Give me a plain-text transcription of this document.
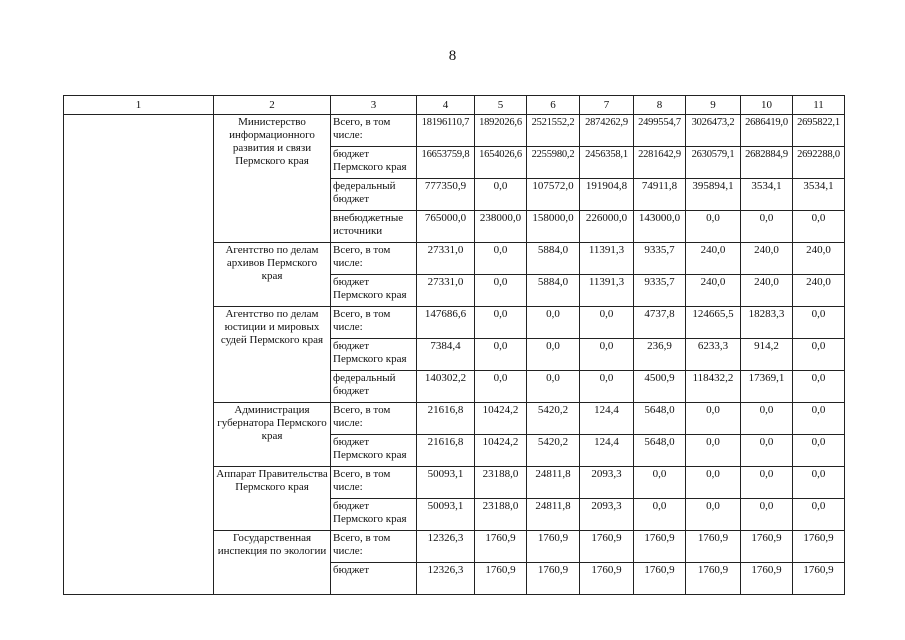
8
1	2	3	4	5	6	7	8	9	10	11
	Министерство информационного развития и связи Пермского края	Всего, в том числе:	18196110,7	1892026,6	2521552,2	2874262,9	2499554,7	3026473,2	2686419,0	2695822,1
		бюджет Пермского края	16653759,8	1654026,6	2255980,2	2456358,1	2281642,9	2630579,1	2682884,9	2692288,0
		федеральный бюджет	777350,9	0,0	107572,0	191904,8	74911,8	395894,1	3534,1	3534,1
		внебюджетные источники	765000,0	238000,0	158000,0	226000,0	143000,0	0,0	0,0	0,0
	Агентство по делам архивов Пермского края	Всего, в том числе:	27331,0	0,0	5884,0	11391,3	9335,7	240,0	240,0	240,0
		бюджет Пермского края	27331,0	0,0	5884,0	11391,3	9335,7	240,0	240,0	240,0
	Агентство по делам юстиции и мировых судей Пермского края	Всего, в том числе:	147686,6	0,0	0,0	0,0	4737,8	124665,5	18283,3	0,0
		бюджет Пермского края	7384,4	0,0	0,0	0,0	236,9	6233,3	914,2	0,0
		федеральный бюджет	140302,2	0,0	0,0	0,0	4500,9	118432,2	17369,1	0,0
	Администрация губернатора Пермского края	Всего, в том числе:	21616,8	10424,2	5420,2	124,4	5648,0	0,0	0,0	0,0
		бюджет Пермского края	21616,8	10424,2	5420,2	124,4	5648,0	0,0	0,0	0,0
	Аппарат Правительства Пермского края	Всего, в том числе:	50093,1	23188,0	24811,8	2093,3	0,0	0,0	0,0	0,0
		бюджет Пермского края	50093,1	23188,0	24811,8	2093,3	0,0	0,0	0,0	0,0
	Государственная инспекция по экологии	Всего, в том числе:	12326,3	1760,9	1760,9	1760,9	1760,9	1760,9	1760,9	1760,9
		бюджет	12326,3	1760,9	1760,9	1760,9	1760,9	1760,9	1760,9	1760,9
